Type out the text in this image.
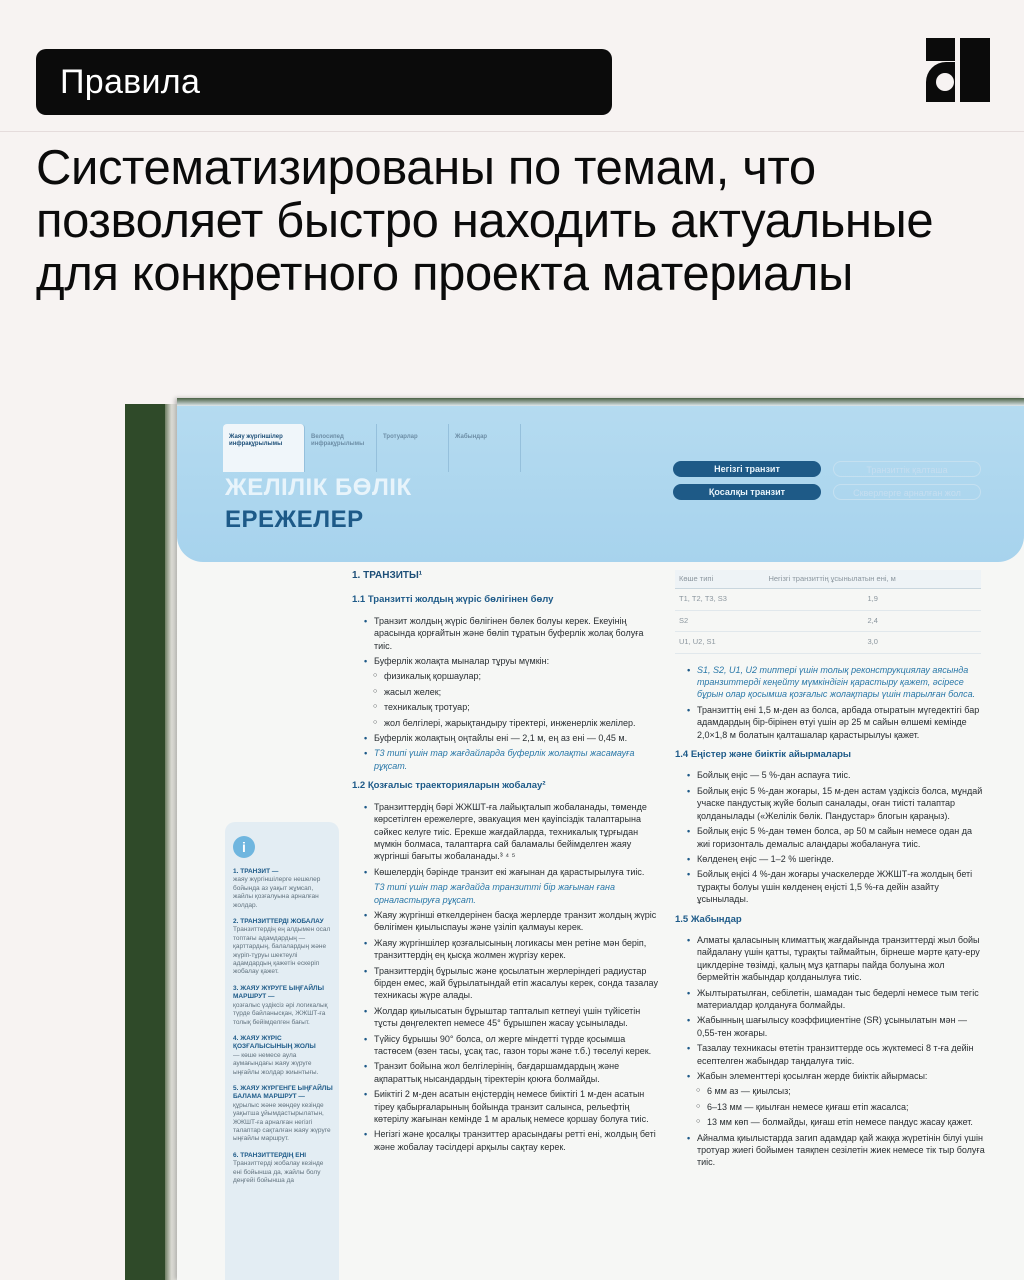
Правила
Систематизированы по темам, что позволяет быстро находить актуальные для конкретного проекта материалы
Жаяу жүргіншілер инфрақұрылымы
Велосипед инфрақұрылымы
Тротуарлар	Жабындар
ЖЕЛІЛІК БӨЛІК
ЕРЕЖЕЛЕР
Негізгі транзит
Қосалқы транзит
Транзиттік қалташа
Скверлерге арналған жол
i
1. ТРАНЗИТ —
жаяу жүргіншілерге нешелер бойында аз уақыт жұмсап, жайлы қозғалуына арналған жолдар.
2. ТРАНЗИТТЕРДІ ЖОБАЛАУ
Транзиттердің ең алдымен осал топтағы адамдардың — қарттардың, балалардың және жүріп-тұруы шектеулі адамдардың қажетін ескеріп жобалау қажет.
3. ЖАЯУ ЖҮРУГЕ ЫҢҒАЙЛЫ МАРШРУТ —
қозғалыс үздіксіз әрі логикалық түрде байланысқан, ЖЖШТ-ға толық бейімделген бағыт.
4. ЖАЯУ ЖҮРІС ҚОЗҒАЛЫСЫНЫҢ ЖОЛЫ
— көше немесе аула аумағындағы жаяу жүруге ыңғайлы жолдар жиынтығы.
5. ЖАЯУ ЖҮРГЕНГЕ ЫҢҒАЙЛЫ БАЛАМА МАРШРУТ —
құрылыс және жөндеу кезінде уақытша ұйымдастырылатын, ЖЖШТ-ға арналған негізгі талаптар сақталған жаяу жүруге ыңғайлы маршрут.
6. ТРАНЗИТТЕРДІҢ ЕНІ
Транзиттерді жобалау кезінде ені бойынша да, жайлы болу деңгейі бойынша да
1. ТРАНЗИТЫ¹
1.1 Транзитті жолдың жүріс бөлігінен бөлу
• Транзит жолдың жүріс бөлігінен бөлек болуы керек. Екеуінің арасында қорғайтын және бөліп тұратын буферлік жолақ болуға тиіс.
• Буферлік жолақта мыналар тұруы мүмкін:
○ физикалық қоршаулар;
○ жасыл желек;
○ техникалық тротуар;
○ жол белгілері, жарықтандыру тіректері, инженерлік желілер.
• Буферлік жолақтың оңтайлы ені — 2,1 м, ең аз ені — 0,45 м.
• Т3 типі үшін тар жағдайларда буферлік жолақты жасамауға рұқсат.
1.2 Қозғалыс траекторияларын жобалау²
• Транзиттердің бәрі ЖЖШТ-ға лайықталып жобаланады, төменде көрсетілген ережелерге, эвакуация мен қауіпсіздік талаптарына сәйкес келуге тиіс. Ерекше жағдайларда, техникалық тұрғыдан мүмкін болмаса, талаптарға сай баламалы бейімделген жаяу жүргінші бағыты жобаланады.³ ⁴ ⁵
• Көшелердің бәрінде транзит екі жағынан да қарастырылуға тиіс.
Т3 типі үшін тар жағдайда транзитті бір жағынан ғана орналастыруға рұқсат.
• Жаяу жүргінші өткелдерінен басқа жерлерде транзит жолдың жүріс бөлігімен қиылыспауы және үзіліп қалмауы керек.
• Жаяу жүргіншілер қозғалысының логикасы мен ретіне мән беріп, транзиттердің ең қысқа жолмен жүргізу керек.
• Транзиттердің бұрылыс және қосылатын жерлеріндегі радиустар бірден емес, жай бұрылатындай етіп жасалуы керек, сонда тазалау техникасы жүре алады.
• Жолдар қиылысатын бұрыштар тапталып кетпеуі үшін түйісетін тұсты дөңгелектеп немесе 45° бұрышпен жасау ұсынылады.
• Түйісу бұрышы 90° болса, ол жерге міндетті түрде қосымша тастөсем (өзен тасы, ұсақ тас, газон торы және т.б.) төселуі керек.
• Транзит бойына жол белгілерінің, бағдаршамдардың және ақпараттық нысандардың тіректерін қоюға болмайды.
• Биіктігі 2 м-ден асатын еңістердің немесе биіктігі 1 м-ден асатын тіреу қабырғаларының бойында транзит салынса, рельефтің көтерілу жағынан кемінде 1 м аралық немесе қоршау болуға тиіс.
• Негізгі және қосалқы транзиттер арасындағы ретті ені, жолдың беті және жобалау тәсілдері арқылы сақтау керек.
Көше типі	Негізгі транзиттің ұсынылатын ені, м
Т1, Т2, Т3, S3	1,9
S2	2,4
U1, U2, S1	3,0
• S1, S2, U1, U2 типтері үшін толық реконструкциялау аясында транзиттерді кеңейту мүмкіндігін қарастыру қажет, әсіресе бұрын олар қосымша қозғалыс жолақтары үшін тарылған болса.
• Транзиттің ені 1,5 м-ден аз болса, арбада отыратын мүгедектігі бар адамдардың бір-бірінен өтуі үшін әр 25 м сайын өлшемі кемінде 2,0×1,8 м болатын қалташалар қарастырылуы қажет.
1.4 Еңістер және биіктік айырмалары
• Бойлық еңіс — 5 %-дан аспауға тиіс.
• Бойлық еңіс 5 %-дан жоғары, 15 м-ден астам үздіксіз болса, мұндай учаске пандустық жүйе болып саналады, оған тиісті талаптар қолданылады («Желілік бөлік. Пандустар» блогын қараңыз).
• Бойлық еңіс 5 %-дан төмен болса, әр 50 м сайын немесе одан да жиі горизонталь демалыс алаңдары жобалануға тиіс.
• Көлденең еңіс — 1–2 % шегінде.
• Бойлық еңісі 4 %-дан жоғары учаскелерде ЖЖШТ-ға жолдың беті тұрақты болуы үшін көлденең еңісті 1,5 %-ға дейін азайту ұсынылады.
1.5 Жабындар
• Алматы қаласының климаттық жағдайында транзиттерді жыл бойы пайдалану үшін қатты, тұрақты таймайтын, бірнеше мәрте қату-еру циклдеріне төзімді, қалың мұз қатпары пайда болуына жол бермейтін жабындар қолданылуға тиіс.
• Жылтыратылған, себілетін, шамадан тыс бедерлі немесе тым тегіс материалдар қолдануға болмайды.
• Жабынның шағылысу коэффициентіне (SR) ұсынылатын мән — 0,55-тен жоғары.
• Тазалау техникасы өтетін транзиттерде ось жүктемесі 8 т-ға дейін есептелген жабындар таңдалуға тиіс.
• Жабын элементтері қосылған жерде биіктік айырмасы:
○ 6 мм аз — қиылсыз;
○ 6–13 мм — қиылған немесе қиғаш етіп жасалса;
○ 13 мм көп — болмайды, қиғаш етіп немесе пандус жасау қажет.
• Айналма қиылыстарда загип адамдар қай жаққа жүретінін білуі үшін тротуар жиегі бойымен таяқпен сезілетін жиек немесе тік тыр болуға тиіс.
